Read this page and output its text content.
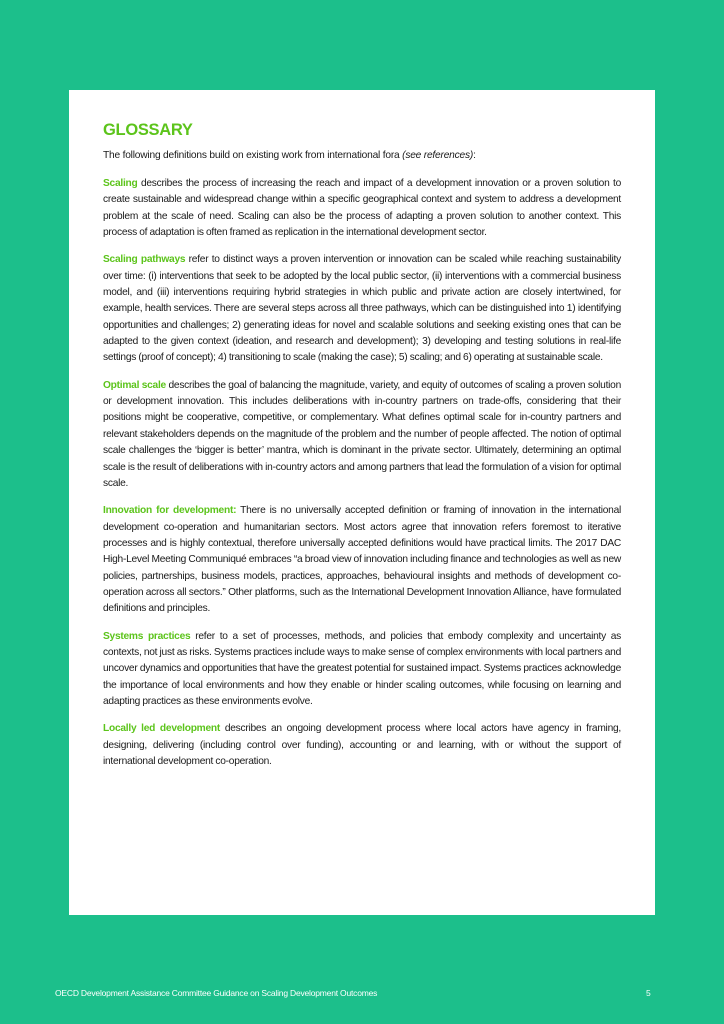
GLOSSARY

The following definitions build on existing work from international fora (see references):

Scaling describes the process of increasing the reach and impact of a development innovation or a proven solution to create sustainable and widespread change within a specific geographical context and system to address a development problem at the scale of need. Scaling can also be the process of adapting a proven solution to another context. This process of adaptation is often framed as replication in the international development sector.

Scaling pathways refer to distinct ways a proven intervention or innovation can be scaled while reaching sustainability over time: (i) interventions that seek to be adopted by the local public sector, (ii) interventions with a commercial business model, and (iii) interventions requiring hybrid strategies in which public and private action are closely intertwined, for example, health services. There are several steps across all three pathways, which can be distinguished into 1) identifying opportunities and challenges; 2) generating ideas for novel and scalable solutions and seeking existing ones that can be adapted to the given context (ideation, and research and development); 3) developing and testing solutions in real-life settings (proof of concept); 4) transitioning to scale (making the case); 5) scaling; and 6) operating at sustainable scale.

Optimal scale describes the goal of balancing the magnitude, variety, and equity of outcomes of scaling a proven solution or development innovation. This includes deliberations with in-country partners on trade-offs, considering that their positions might be cooperative, competitive, or complementary. What defines optimal scale for in-country partners and relevant stakeholders depends on the magnitude of the problem and the number of people affected. The notion of optimal scale challenges the ‘bigger is better’ mantra, which is dominant in the private sector. Ultimately, determining an optimal scale is the result of deliberations with in-country actors and among partners that lead the formulation of a vision for optimal scale.

Innovation for development: There is no universally accepted definition or framing of innovation in the international development co-operation and humanitarian sectors. Most actors agree that innovation refers foremost to iterative processes and is highly contextual, therefore universally accepted definitions would have practical limits. The 2017 DAC High-Level Meeting Communiqué embraces “a broad view of innovation including finance and technologies as well as new policies, partnerships, business models, practices, approaches, behavioural insights and methods of development co-operation across all sectors.” Other platforms, such as the International Development Innovation Alliance, have formulated definitions and principles.

Systems practices refer to a set of processes, methods, and policies that embody complexity and uncertainty as contexts, not just as risks. Systems practices include ways to make sense of complex environments with local partners and uncover dynamics and opportunities that have the greatest potential for sustained impact. Systems practices acknowledge the importance of local environments and how they enable or hinder scaling outcomes, while focusing on learning and adapting practices as these environments evolve.

Locally led development describes an ongoing development process where local actors have agency in framing, designing, delivering (including control over funding), accounting or and learning, with or without the support of international development co-operation.

OECD Development Assistance Committee Guidance on Scaling Development Outcomes	5
